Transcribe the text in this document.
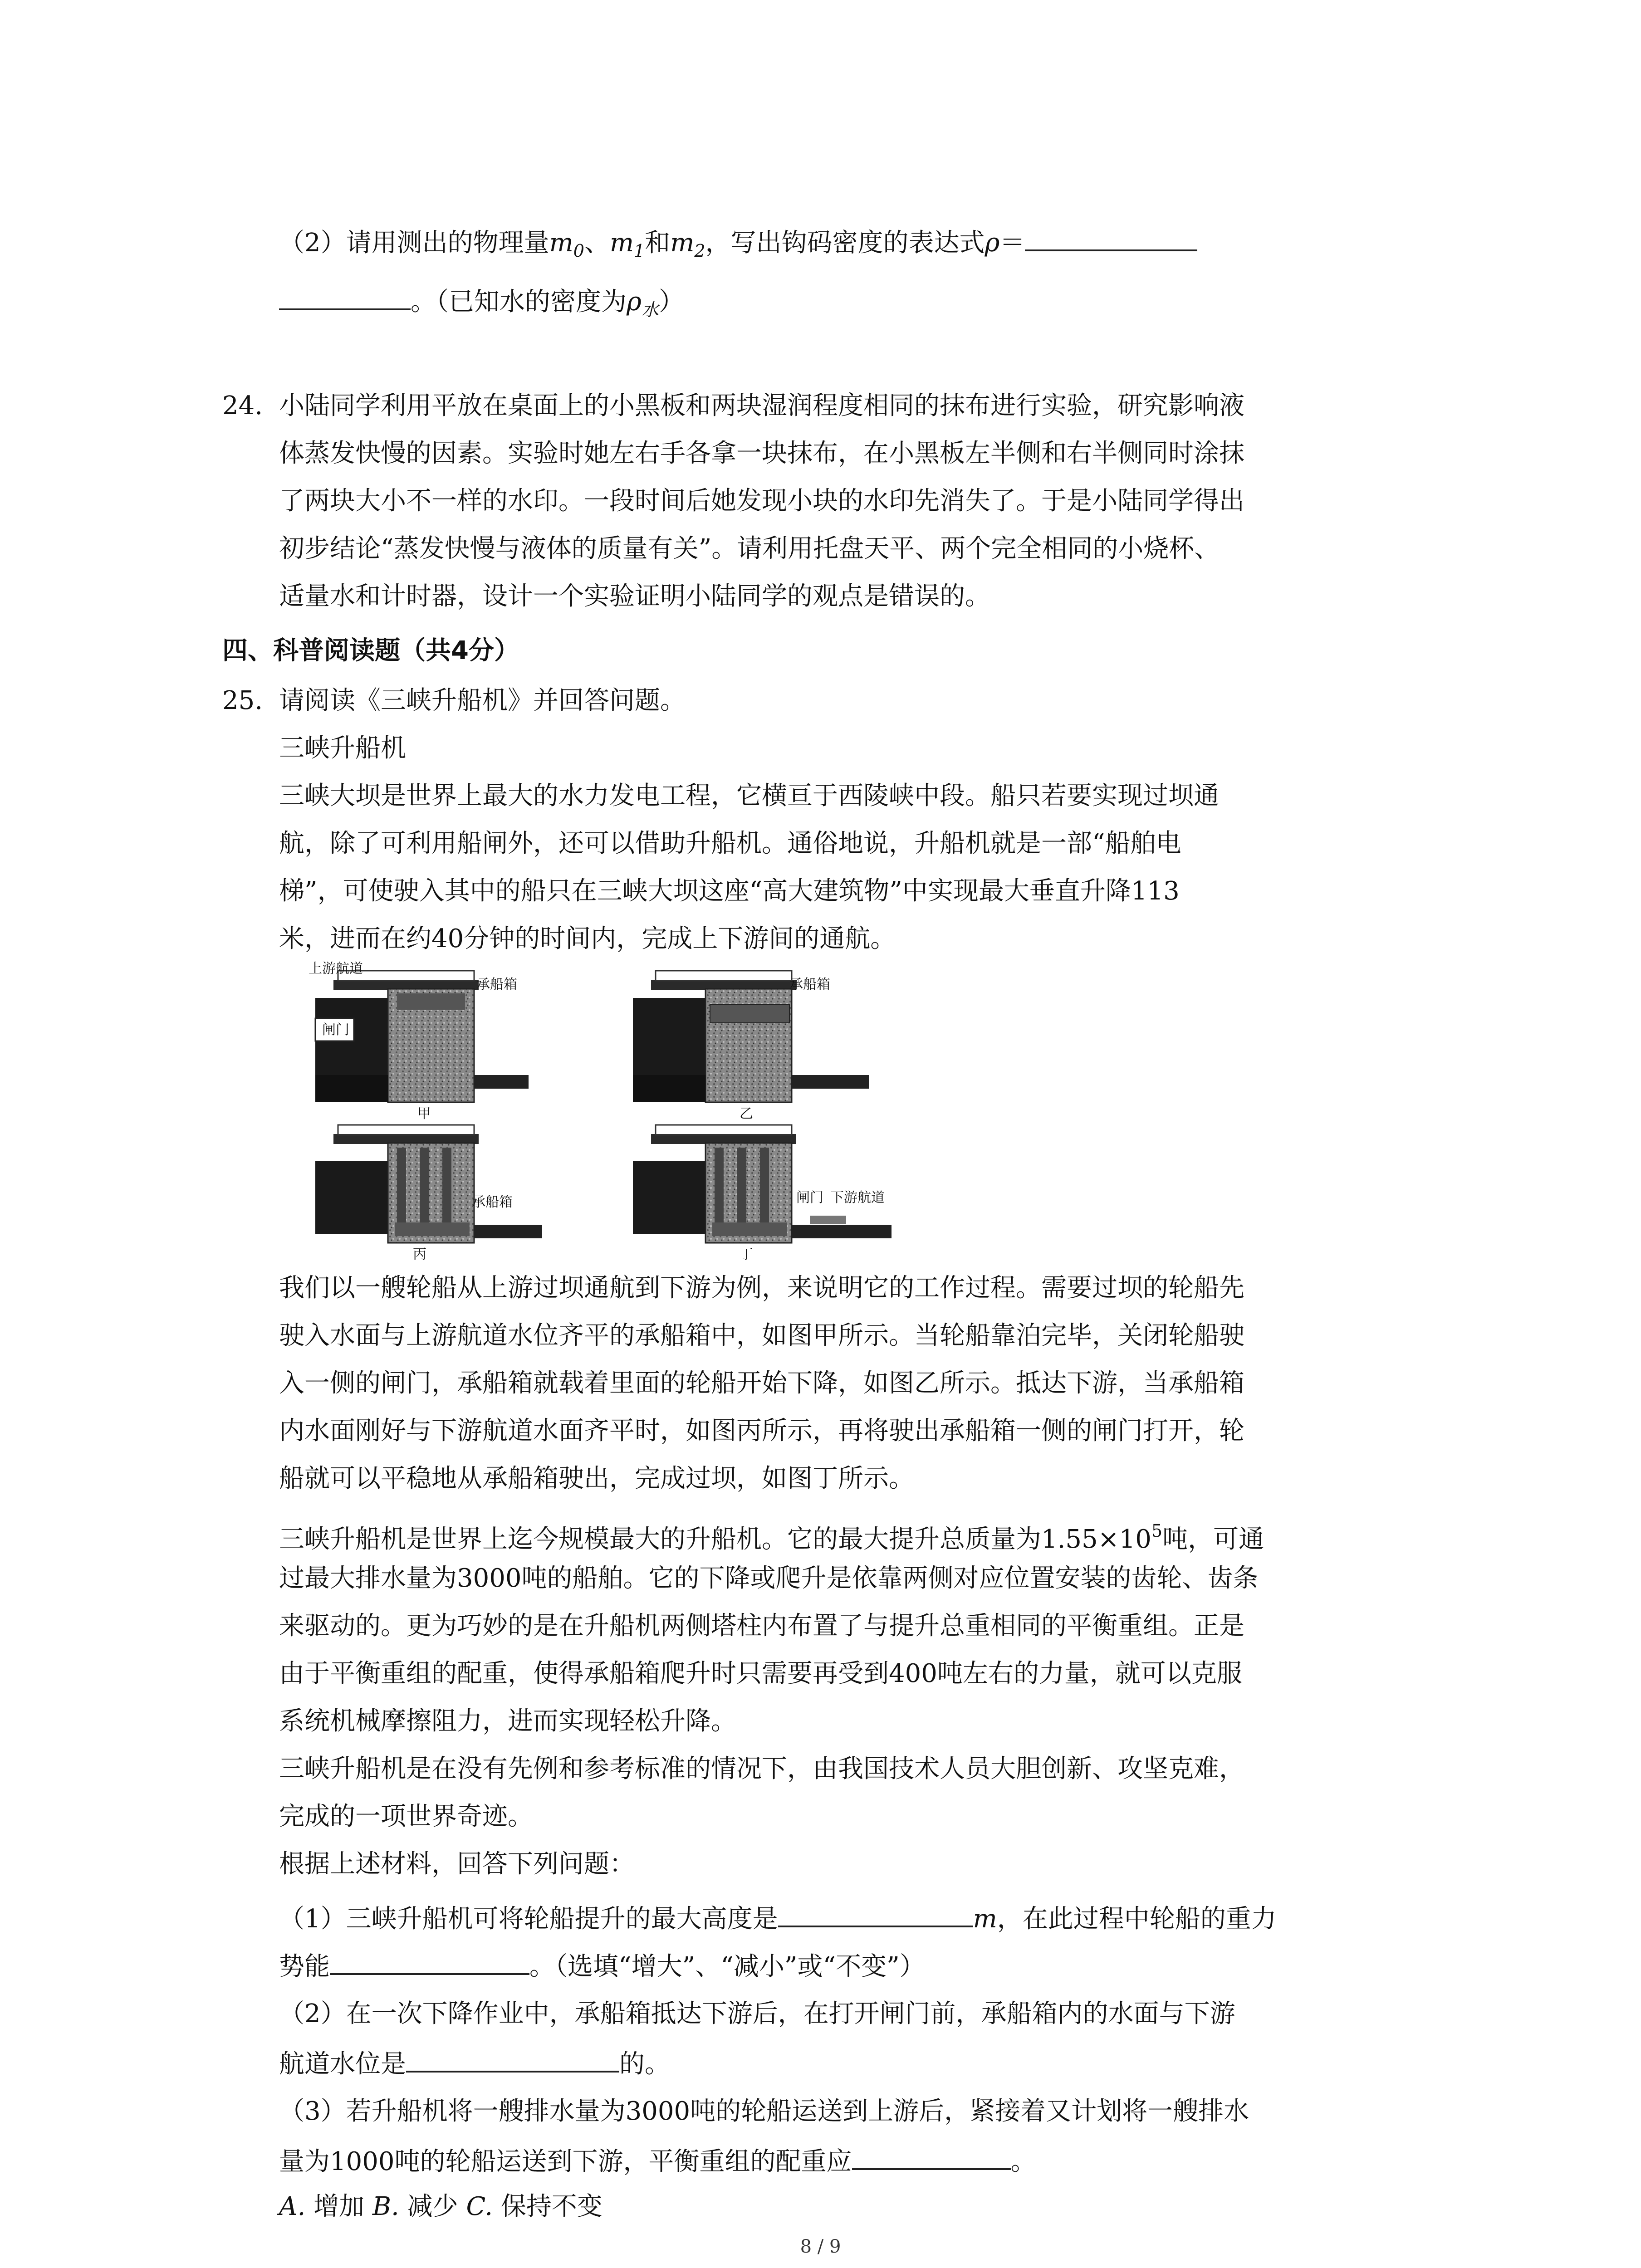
（2）请用测出的物理量$m_0$、$m_1$和$m_2$，写出钩码密度的表达式ρ＝
。（已知水的密度为$\rho_水$）
24. 小陆同学利用平放在桌面上的小黑板和两块湿润程度相同的抹布进行实验，研究影响液
体蒸发快慢的因素。实验时她左右手各拿一块抹布，在小黑板左半侧和右半侧同时涂抹
了两块大小不一样的水印。一段时间后她发现小块的水印先消失了。于是小陆同学得出
初步结论“蒸发快慢与液体的质量有关”。请利用托盘天平、两个完全相同的小烧杯、
适量水和计时器，设计一个实验证明小陆同学的观点是错误的。
四、科普阅读题（共4分）
25. 请阅读《三峡升船机》并回答问题。
三峡升船机
三峡大坝是世界上最大的水力发电工程，它横亘于西陵峡中段。船只若要实现过坝通
航，除了可利用船闸外，还可以借助升船机。通俗地说，升船机就是一部“船舶电
梯”，可使驶入其中的船只在三峡大坝这座“高大建筑物”中实现最大垂直升降113
米，进而在约40分钟的时间内，完成上下游间的通航。
上游航道
承船箱
闸门
甲
承船箱
乙
承船箱
丙
闸门 下游航道
丁
我们以一艘轮船从上游过坝通航到下游为例，来说明它的工作过程。需要过坝的轮船先
驶入水面与上游航道水位齐平的承船箱中，如图甲所示。当轮船靠泊完毕，关闭轮船驶
入一侧的闸门，承船箱就载着里面的轮船开始下降，如图乙所示。抵达下游，当承船箱
内水面刚好与下游航道水面齐平时，如图丙所示，再将驶出承船箱一侧的闸门打开，轮
船就可以平稳地从承船箱驶出，完成过坝，如图丁所示。
三峡升船机是世界上迄今规模最大的升船机。它的最大提升总质量为$1.55\times 10^5$吨，可通
过最大排水量为3000吨的船舶。它的下降或爬升是依靠两侧对应位置安装的齿轮、齿条
来驱动的。更为巧妙的是在升船机两侧塔柱内布置了与提升总重相同的平衡重组。正是
由于平衡重组的配重，使得承船箱爬升时只需要再受到400吨左右的力量，就可以克服
系统机械摩擦阻力，进而实现轻松升降。
三峡升船机是在没有先例和参考标准的情况下，由我国技术人员大胆创新、攻坚克难，
完成的一项世界奇迹。
根据上述材料，回答下列问题：
（1）三峡升船机可将轮船提升的最大高度是	m，在此过程中轮船的重力
势能	。（选填“增大”、“减小”或“不变”）
（2）在一次下降作业中，承船箱抵达下游后，在打开闸门前，承船箱内的水面与下游
航道水位是	的。
（3）若升船机将一艘排水量为3000吨的轮船运送到上游后，紧接着又计划将一艘排水
量为1000吨的轮船运送到下游，平衡重组的配重应	。
A. 增加 B. 减少 C. 保持不变
8 / 9
